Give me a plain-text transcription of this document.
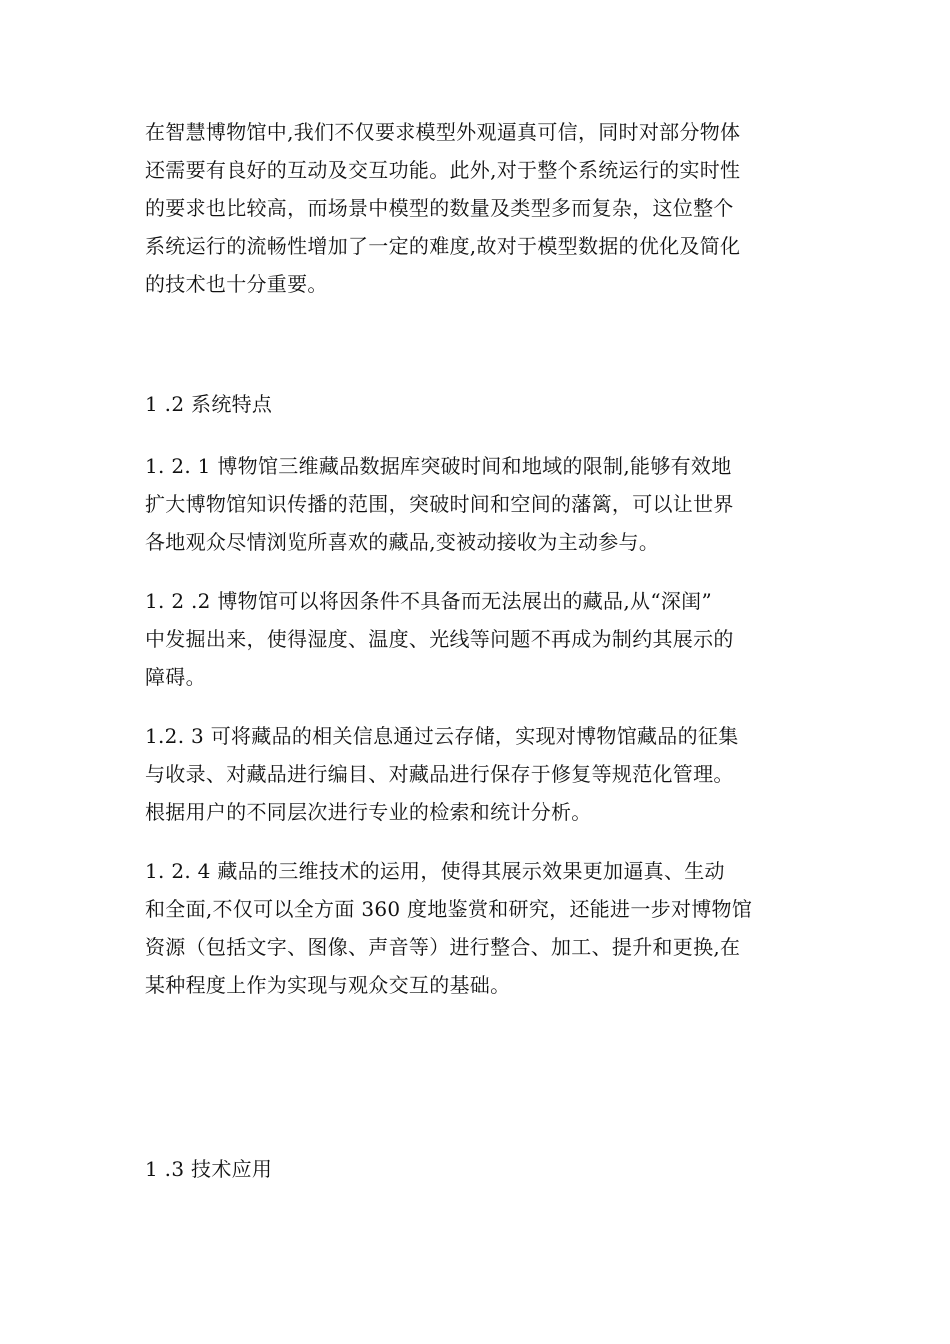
在智慧博物馆中,我们不仅要求模型外观逼真可信，同时对部分物体
还需要有良好的互动及交互功能。此外,对于整个系统运行的实时性
的要求也比较高，而场景中模型的数量及类型多而复杂，这位整个
系统运行的流畅性增加了一定的难度,故对于模型数据的优化及简化
的技术也十分重要。

1 .2 系统特点

1. 2. 1 博物馆三维藏品数据库突破时间和地域的限制,能够有效地
扩大博物馆知识传播的范围，突破时间和空间的藩篱，可以让世界
各地观众尽情浏览所喜欢的藏品,变被动接收为主动参与。

1. 2 .2 博物馆可以将因条件不具备而无法展出的藏品,从“深闺”
中发掘出来，使得湿度、温度、光线等问题不再成为制约其展示的
障碍。

1.2. 3 可将藏品的相关信息通过云存储，实现对博物馆藏品的征集
与收录、对藏品进行编目、对藏品进行保存于修复等规范化管理。
根据用户的不同层次进行专业的检索和统计分析。

1. 2. 4 藏品的三维技术的运用，使得其展示效果更加逼真、生动
和全面,不仅可以全方面 360 度地鉴赏和研究，还能进一步对博物馆
资源（包括文字、图像、声音等）进行整合、加工、提升和更换,在
某种程度上作为实现与观众交互的基础。

1 .3 技术应用
